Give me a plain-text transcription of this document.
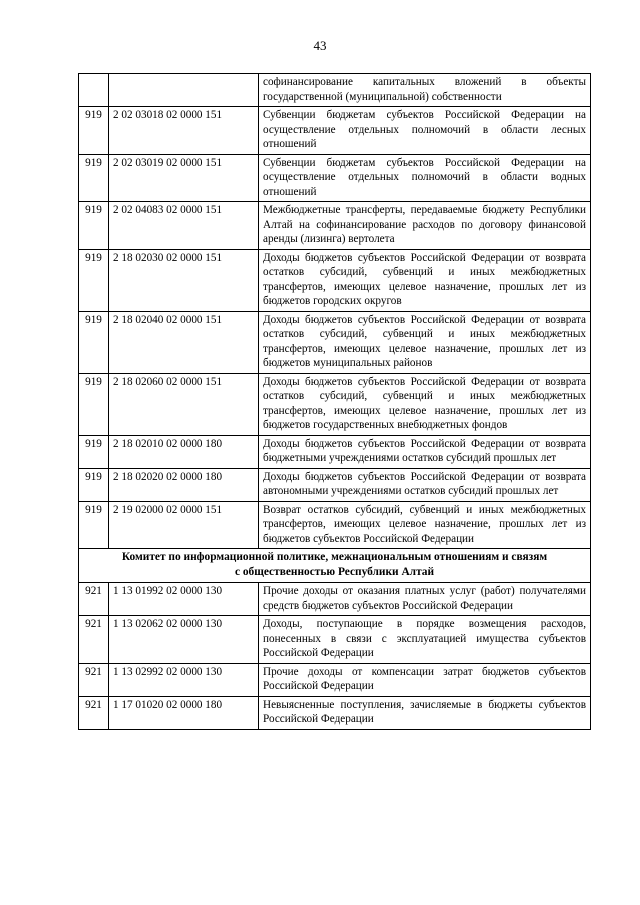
43
		софинансирование капитальных вложений в объекты государственной (муниципальной) собственности
919	2 02 03018 02 0000 151	Субвенции бюджетам субъектов Российской Федерации на осуществление отдельных полномочий в области лесных отношений
919	2 02 03019 02 0000 151	Субвенции бюджетам субъектов Российской Федерации на осуществление отдельных полномочий в области водных отношений
919	2 02 04083 02 0000 151	Межбюджетные трансферты, передаваемые бюджету Республики Алтай на софинансирование расходов по договору финансовой аренды (лизинга) вертолета
919	2 18 02030 02 0000 151	Доходы бюджетов субъектов Российской Федерации от возврата остатков субсидий, субвенций и иных межбюджетных трансфертов, имеющих целевое назначение, прошлых лет из бюджетов городских округов
919	2 18 02040 02 0000 151	Доходы бюджетов субъектов Российской Федерации от возврата остатков субсидий, субвенций и иных межбюджетных трансфертов, имеющих целевое назначение, прошлых лет из бюджетов муниципальных районов
919	2 18 02060 02 0000 151	Доходы бюджетов субъектов Российской Федерации от возврата остатков субсидий, субвенций и иных межбюджетных трансфертов, имеющих целевое назначение, прошлых лет из бюджетов государственных внебюджетных фондов
919	2 18 02010 02 0000 180	Доходы бюджетов субъектов Российской Федерации от возврата бюджетными учреждениями остатков субсидий прошлых лет
919	2 18 02020 02 0000 180	Доходы бюджетов субъектов Российской Федерации от возврата автономными учреждениями остатков субсидий прошлых лет
919	2 19 02000 02 0000 151	Возврат остатков субсидий, субвенций и иных межбюджетных трансфертов, имеющих целевое назначение, прошлых лет из бюджетов субъектов Российской Федерации
Комитет по информационной политике, межнациональным отношениям и связям
с общественностью Республики Алтай		
921	1 13 01992 02 0000 130	Прочие доходы от оказания платных услуг (работ) получателями средств бюджетов субъектов Российской Федерации
921	1 13 02062 02 0000 130	Доходы, поступающие в порядке возмещения расходов, понесенных в связи с эксплуатацией имущества субъектов Российской Федерации
921	1 13 02992 02 0000 130	Прочие доходы от компенсации затрат бюджетов субъектов Российской Федерации
921	1 17 01020 02 0000 180	Невыясненные поступления, зачисляемые в бюджеты субъектов Российской Федерации
